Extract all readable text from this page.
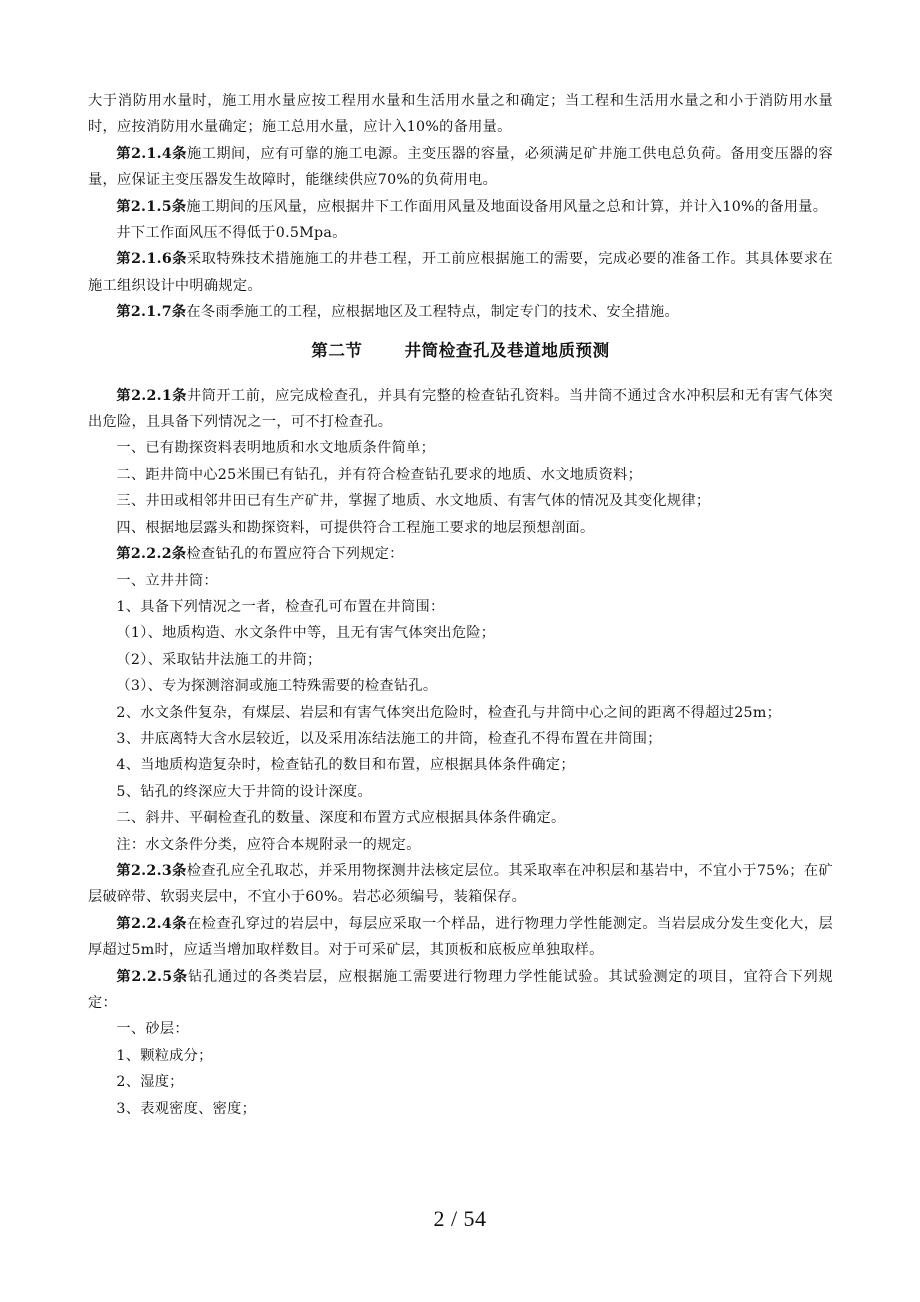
大于消防用水量时，施工用水量应按工程用水量和生活用水量之和确定；当工程和生活用水量之和小于消防用水量时，应按消防用水量确定；施工总用水量，应计入10%的备用量。

第2.1.4条施工期间，应有可靠的施工电源。主变压器的容量，必须满足矿井施工供电总负荷。备用变压器的容量，应保证主变压器发生故障时，能继续供应70%的负荷用电。

第2.1.5条施工期间的压风量，应根据井下工作面用风量及地面设备用风量之总和计算，并计入10%的备用量。

井下工作面风压不得低于0.5Mpa。

第2.1.6条采取特殊技术措施施工的井巷工程，开工前应根据施工的需要，完成必要的准备工作。其具体要求在施工组织设计中明确规定。

第2.1.7条在冬雨季施工的工程，应根据地区及工程特点，制定专门的技术、安全措施。

第二节	井筒检查孔及巷道地质预测

第2.2.1条井筒开工前，应完成检查孔，并具有完整的检查钻孔资料。当井筒不通过含水冲积层和无有害气体突出危险，且具备下列情况之一，可不打检查孔。

一、已有勘探资料表明地质和水文地质条件简单；

二、距井筒中心25米围已有钻孔，并有符合检查钻孔要求的地质、水文地质资料；

三、井田或相邻井田已有生产矿井，掌握了地质、水文地质、有害气体的情况及其变化规律；

四、根据地层露头和勘探资料，可提供符合工程施工要求的地层预想剖面。

第2.2.2条检查钻孔的布置应符合下列规定：

一、立井井筒：

1、具备下列情况之一者，检查孔可布置在井筒围：

（1）、地质构造、水文条件中等，且无有害气体突出危险；

（2）、采取钻井法施工的井筒；

（3）、专为探测溶洞或施工特殊需要的检查钻孔。

2、水文条件复杂，有煤层、岩层和有害气体突出危险时，检查孔与井筒中心之间的距离不得超过25m；

3、井底离特大含水层较近，以及采用冻结法施工的井筒，检查孔不得布置在井筒围；

4、当地质构造复杂时，检查钻孔的数目和布置，应根据具体条件确定；

5、钻孔的终深应大于井筒的设计深度。

二、斜井、平硐检查孔的数量、深度和布置方式应根据具体条件确定。

注：水文条件分类，应符合本规附录一的规定。

第2.2.3条检查孔应全孔取芯，并采用物探测井法核定层位。其采取率在冲积层和基岩中，不宜小于75%；在矿层破碎带、软弱夹层中，不宜小于60%。岩芯必须编号，装箱保存。

第2.2.4条在检查孔穿过的岩层中，每层应采取一个样品，进行物理力学性能测定。当岩层成分发生变化大，层厚超过5m时，应适当增加取样数目。对于可采矿层，其顶板和底板应单独取样。

第2.2.5条钻孔通过的各类岩层，应根据施工需要进行物理力学性能试验。其试验测定的项目，宜符合下列规定：

一、砂层：

1、颗粒成分；

2、湿度；

3、表观密度、密度；

2 / 54
